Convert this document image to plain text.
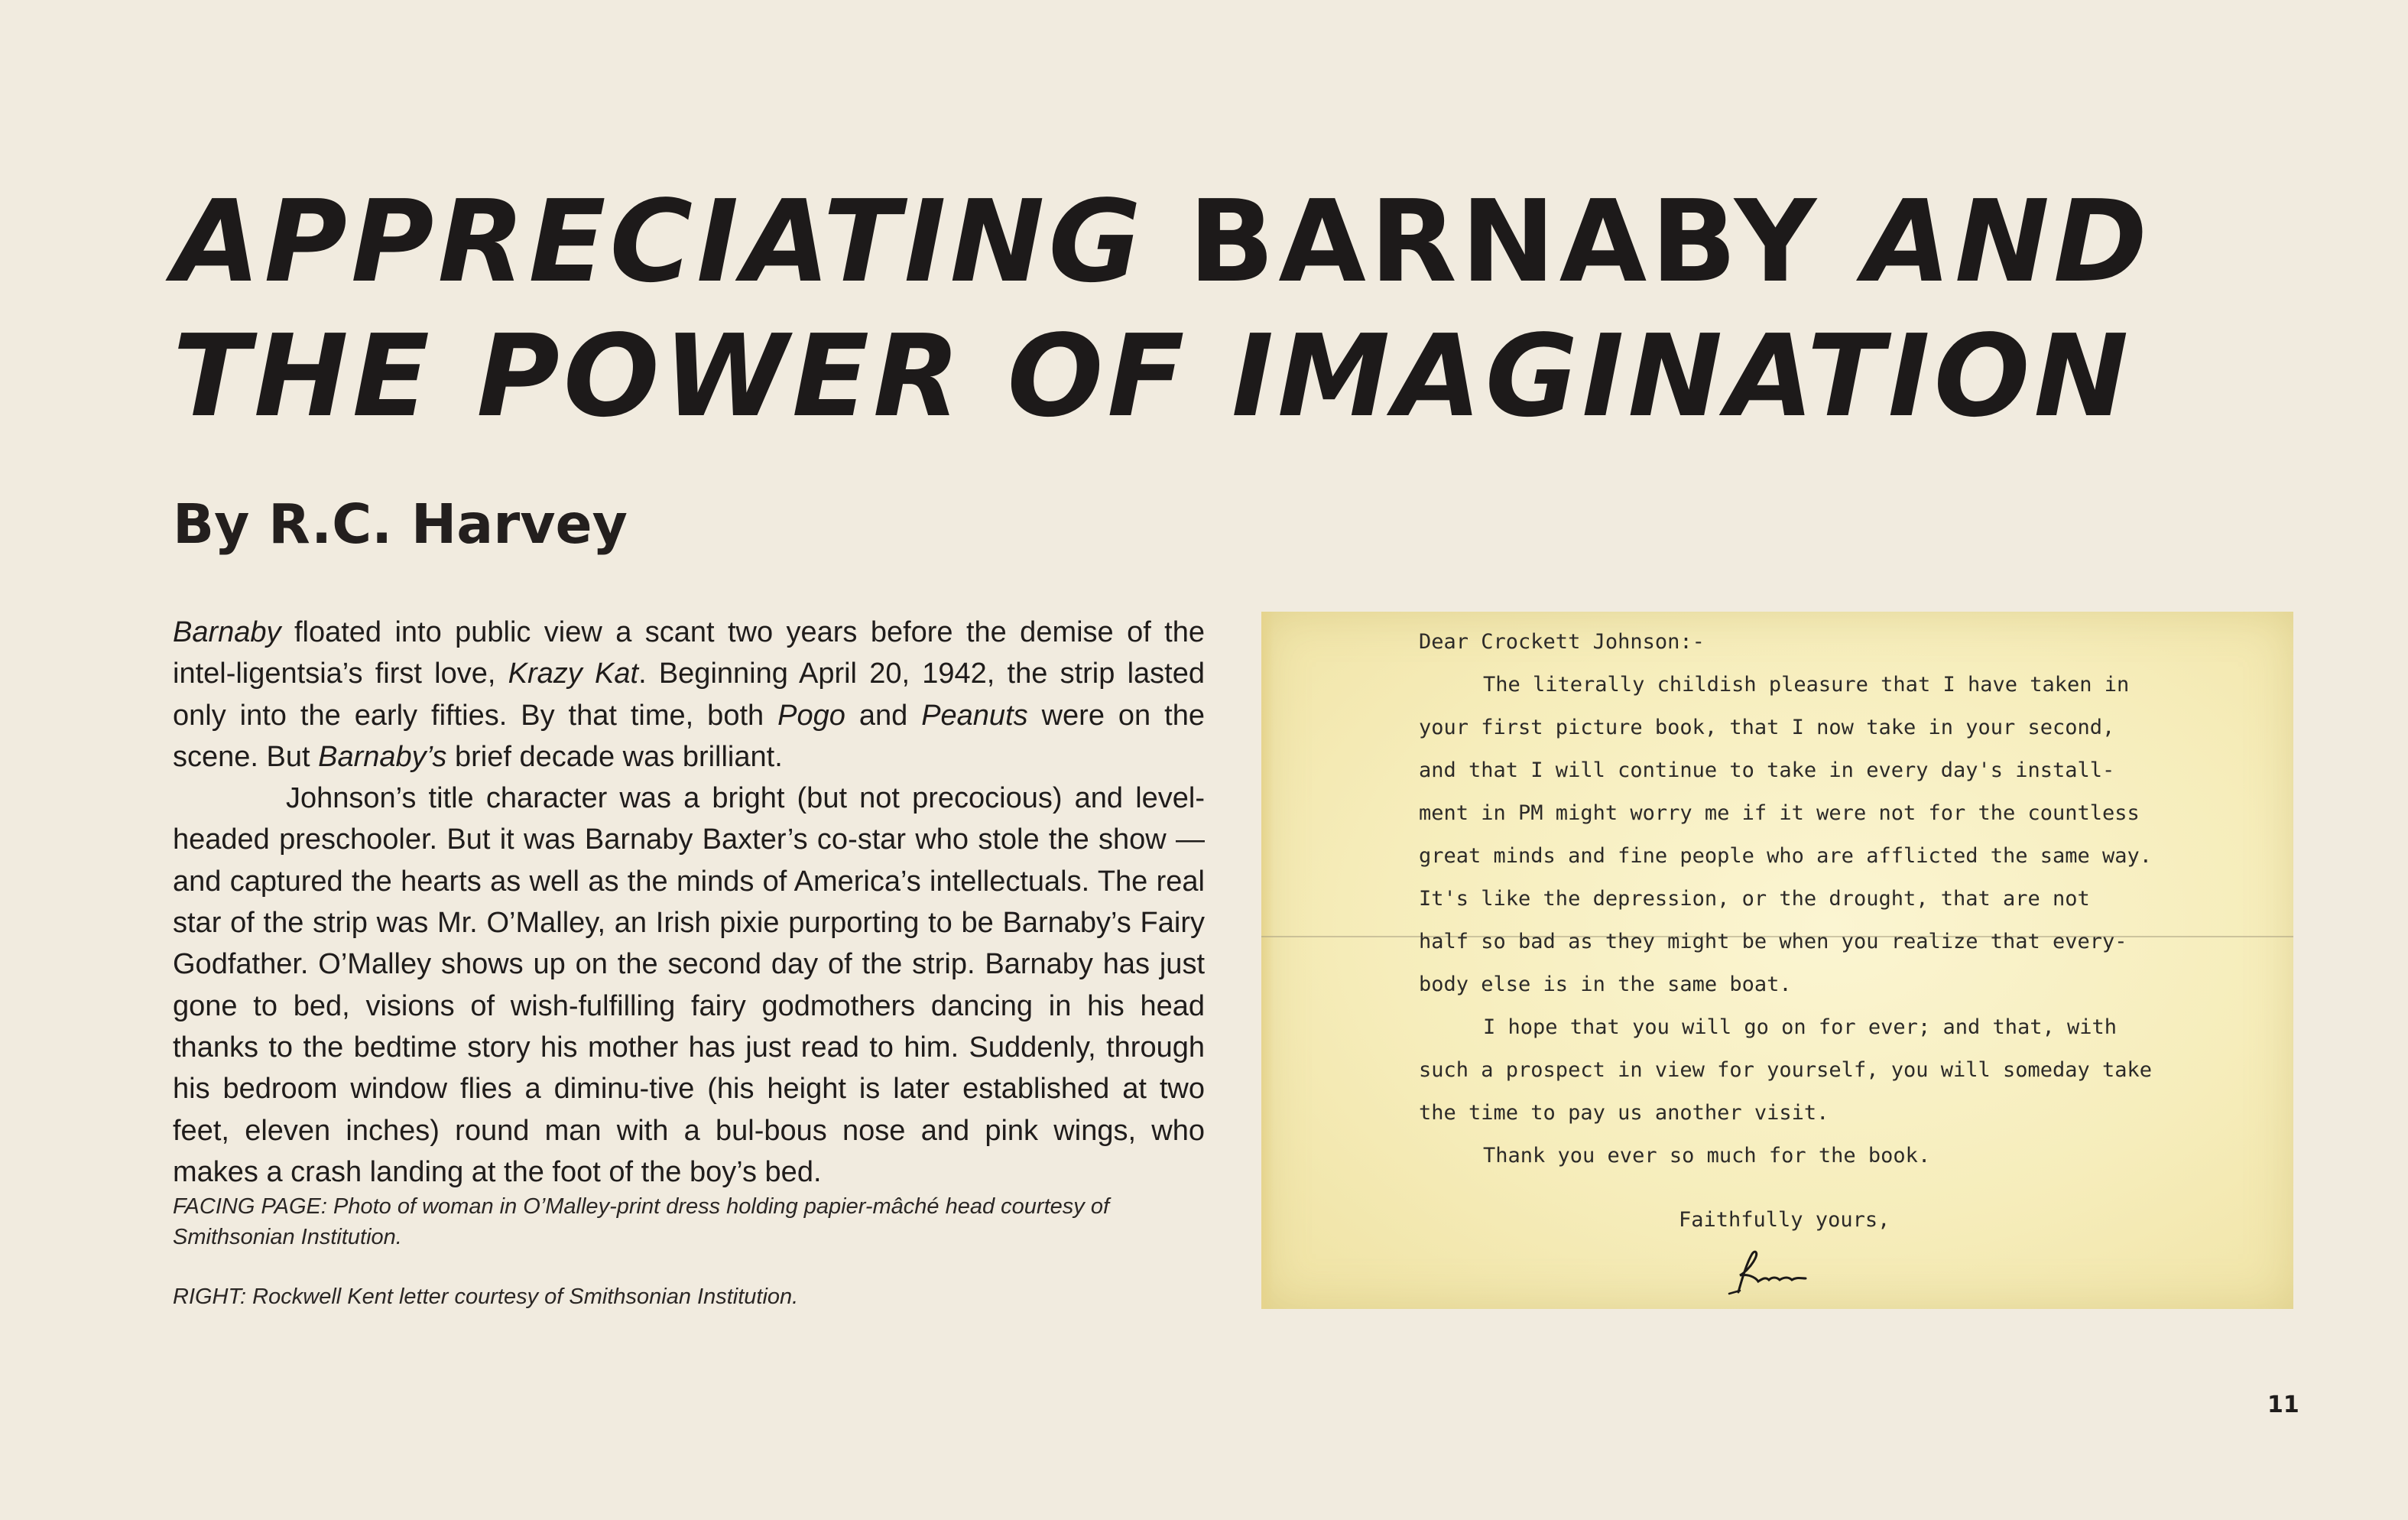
APPRECIATING BARNABY AND
THE POWER OF IMAGINATION
By R.C. Harvey

Barnaby floated into public view a scant two years before the demise of the intel-ligentsia’s first love, Krazy Kat. Beginning April 20, 1942, the strip lasted only into the early fifties. By that time, both Pogo and Peanuts were on the scene. But Barnaby’s brief decade was brilliant.

Johnson’s title character was a bright (but not precocious) and level-headed preschooler. But it was Barnaby Baxter’s co-star who stole the show — and captured the hearts as well as the minds of America’s intellectuals. The real star of the strip was Mr. O’Malley, an Irish pixie purporting to be Barnaby’s Fairy Godfather. O’Malley shows up on the second day of the strip. Barnaby has just gone to bed, visions of wish-fulfilling fairy godmothers dancing in his head thanks to the bedtime story his mother has just read to him. Suddenly, through his bedroom window flies a diminu-tive (his height is later established at two feet, eleven inches) round man with a bul-bous nose and pink wings, who makes a crash landing at the foot of the boy’s bed.

FACING PAGE: Photo of woman in O’Malley-print dress holding papier-mâché head courtesy of Smithsonian Institution.

RIGHT: Rockwell Kent letter courtesy of Smithsonian Institution.

Dear Crockett Johnson:-
The literally childish pleasure that I have taken in
your first picture book, that I now take in your second,
and that I will continue to take in every day's install-
ment in PM might worry me if it were not for the countless
great minds and fine people who are afflicted the same way.
It's like the depression, or the drought, that are not
half so bad as they might be when you realize that every-
body else is in the same boat.
I hope that you will go on for ever; and that, with
such a prospect in view for yourself, you will someday take
the time to pay us another visit.
Thank you ever so much for the book.
Faithfully yours,
11
